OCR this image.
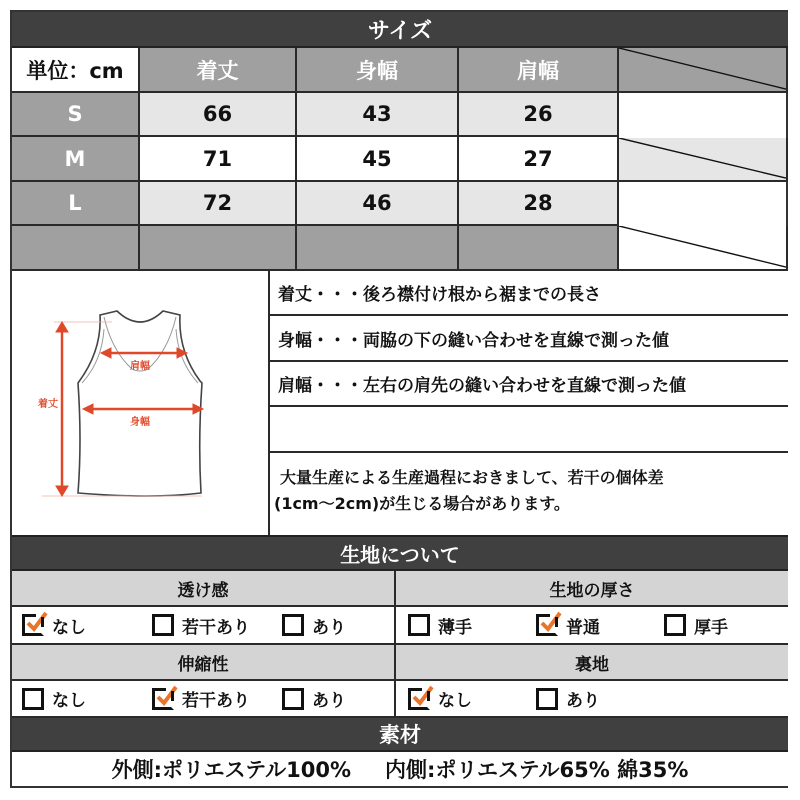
サイズ
単位：cm	着丈	身幅	肩幅
S	66	43	26
M	71	45	27
L	72	46	28
着丈
肩幅
身幅
着丈・・・後ろ襟付け根から裾までの長さ
身幅・・・両脇の下の縫い合わせを直線で測った値
肩幅・・・左右の肩先の縫い合わせを直線で測った値
大量生産による生産過程におきまして、若干の個体差
(1cm～2cm)が生じる場合があります。
生地について
透け感
なし	若干あり	あり
伸縮性
なし	若干あり	あり
生地の厚さ
薄手	普通	厚手
裏地
なし	あり
素材
外側:ポリエステル100% 内側:ポリエステル65% 綿35%
